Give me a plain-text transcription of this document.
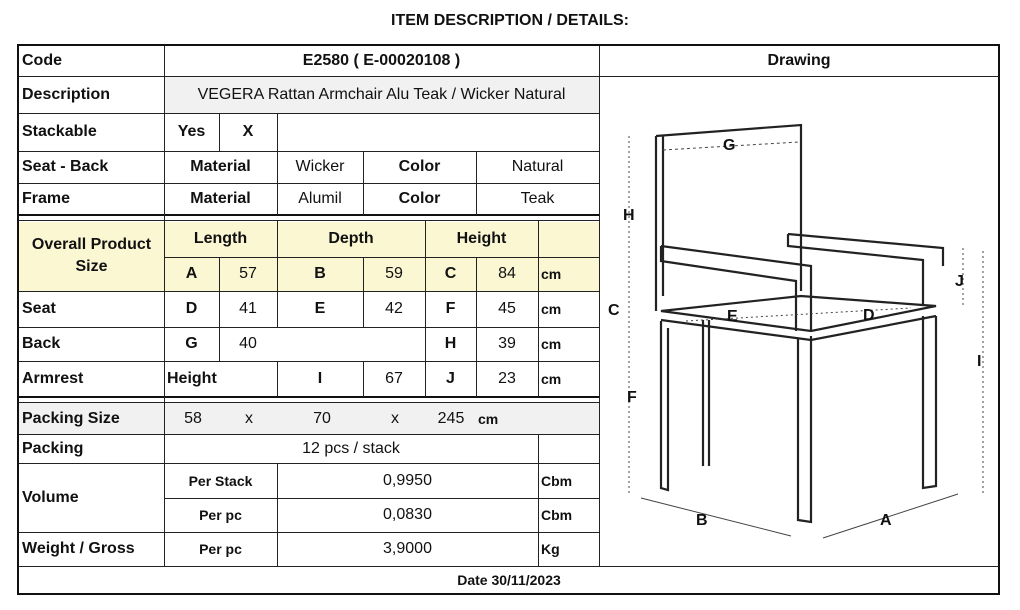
ITEM DESCRIPTION / DETAILS:
Code	E2580 ( E-00020108 )	Drawing
Description	VEGERA Rattan Armchair Alu Teak / Wicker Natural
Stackable	Yes	X
Seat - Back	Material	Wicker	Color	Natural
Frame	Material	Alumil	Color	Teak
Overall Product Size
Length	Depth	Height
A	57	B	59	C	84	cm
Seat	D	41	E	42	F	45	cm
Back	G	40	H	39	cm
Armrest	Height	I	67	J	23	cm
Packing Size	58	x	70	x	245 cm
Packing	12 pcs / stack
Volume
Per Stack	0,9950	Cbm
Per pc	0,0830	Cbm
Weight / Gross	Per pc	3,9000	Kg
Date 30/11/2023
G
H
C
J
E	D
I
F
B	A
